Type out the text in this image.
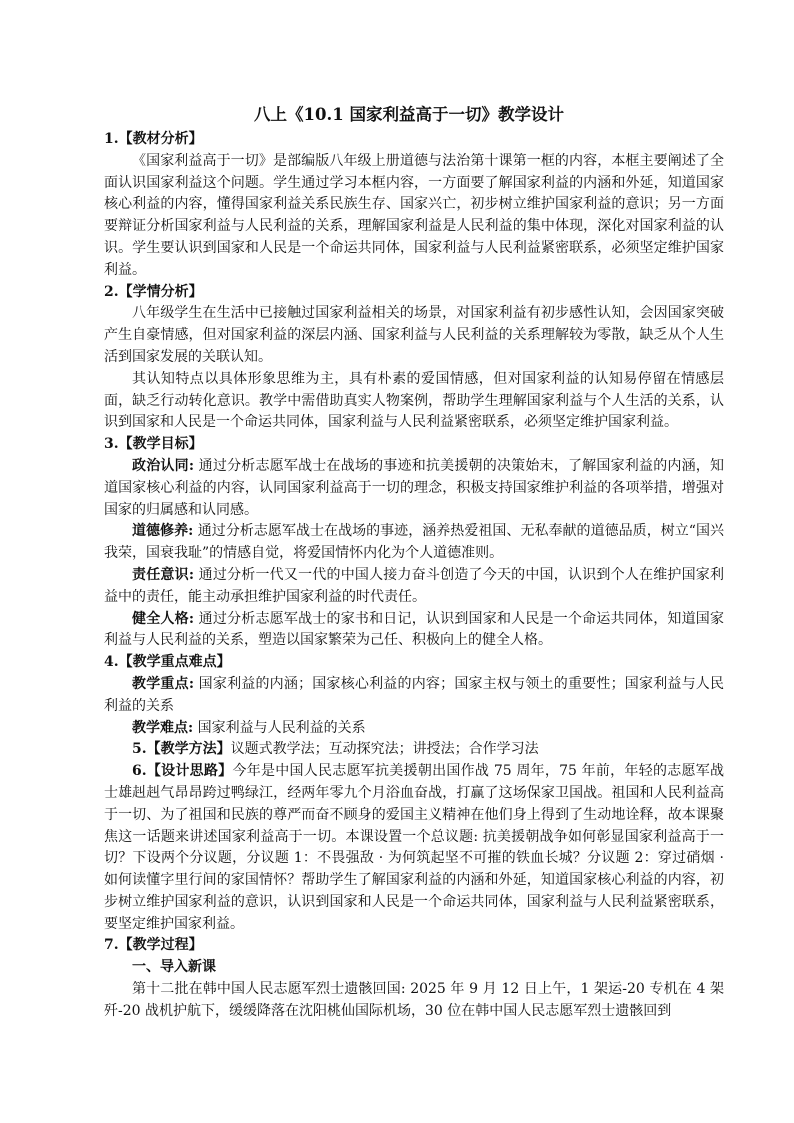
八上《10.1 国家利益高于一切》教学设计
1.【教材分析】
《国家利益高于一切》是部编版八年级上册道德与法治第十课第一框的内容，本框主要阐述了全面认识国家利益这个问题。学生通过学习本框内容，一方面要了解国家利益的内涵和外延，知道国家核心利益的内容，懂得国家利益关系民族生存、国家兴亡，初步树立维护国家利益的意识；另一方面要辩证分析国家利益与人民利益的关系，理解国家利益是人民利益的集中体现，深化对国家利益的认识。学生要认识到国家和人民是一个命运共同体，国家利益与人民利益紧密联系，必须坚定维护国家利益。
2.【学情分析】
八年级学生在生活中已接触过国家利益相关的场景，对国家利益有初步感性认知，会因国家突破产生自豪情感，但对国家利益的深层内涵、国家利益与人民利益的关系理解较为零散，缺乏从个人生活到国家发展的关联认知。
其认知特点以具体形象思维为主，具有朴素的爱国情感，但对国家利益的认知易停留在情感层面，缺乏行动转化意识。教学中需借助真实人物案例，帮助学生理解国家利益与个人生活的关系，认识到国家和人民是一个命运共同体，国家利益与人民利益紧密联系，必须坚定维护国家利益。
3.【教学目标】
政治认同: 通过分析志愿军战士在战场的事迹和抗美援朝的决策始末，了解国家利益的内涵，知道国家核心利益的内容，认同国家利益高于一切的理念，积极支持国家维护利益的各项举措，增强对国家的归属感和认同感。
道德修养: 通过分析志愿军战士在战场的事迹，涵养热爱祖国、无私奉献的道德品质，树立“国兴我荣，国衰我耻”的情感自觉，将爱国情怀内化为个人道德准则。
责任意识: 通过分析一代又一代的中国人接力奋斗创造了今天的中国，认识到个人在维护国家利益中的责任，能主动承担维护国家利益的时代责任。
健全人格: 通过分析志愿军战士的家书和日记，认识到国家和人民是一个命运共同体，知道国家利益与人民利益的关系，塑造以国家繁荣为己任、积极向上的健全人格。
4.【教学重点难点】
教学重点: 国家利益的内涵；国家核心利益的内容；国家主权与领土的重要性；国家利益与人民利益的关系
教学难点: 国家利益与人民利益的关系
5.【教学方法】议题式教学法；互动探究法；讲授法；合作学习法
6.【设计思路】今年是中国人民志愿军抗美援朝出国作战 75 周年，75 年前，年轻的志愿军战士雄赳赳气昂昂跨过鸭绿江，经两年零九个月浴血奋战，打赢了这场保家卫国战。祖国和人民利益高于一切、为了祖国和民族的尊严而奋不顾身的爱国主义精神在他们身上得到了生动地诠释，故本课聚焦这一话题来讲述国家利益高于一切。本课设置一个总议题: 抗美援朝战争如何彰显国家利益高于一切？下设两个分议题，分议题 1：不畏强敌 · 为何筑起坚不可摧的铁血长城？分议题 2：穿过硝烟 · 如何读懂字里行间的家国情怀？帮助学生了解国家利益的内涵和外延，知道国家核心利益的内容，初步树立维护国家利益的意识，认识到国家和人民是一个命运共同体，国家利益与人民利益紧密联系，要坚定维护国家利益。
7.【教学过程】
一、导入新课
第十二批在韩中国人民志愿军烈士遗骸回国: 2025 年 9 月 12 日上午，1 架运-20 专机在 4 架歼-20 战机护航下，缓缓降落在沈阳桃仙国际机场，30 位在韩中国人民志愿军烈士遗骸回到
